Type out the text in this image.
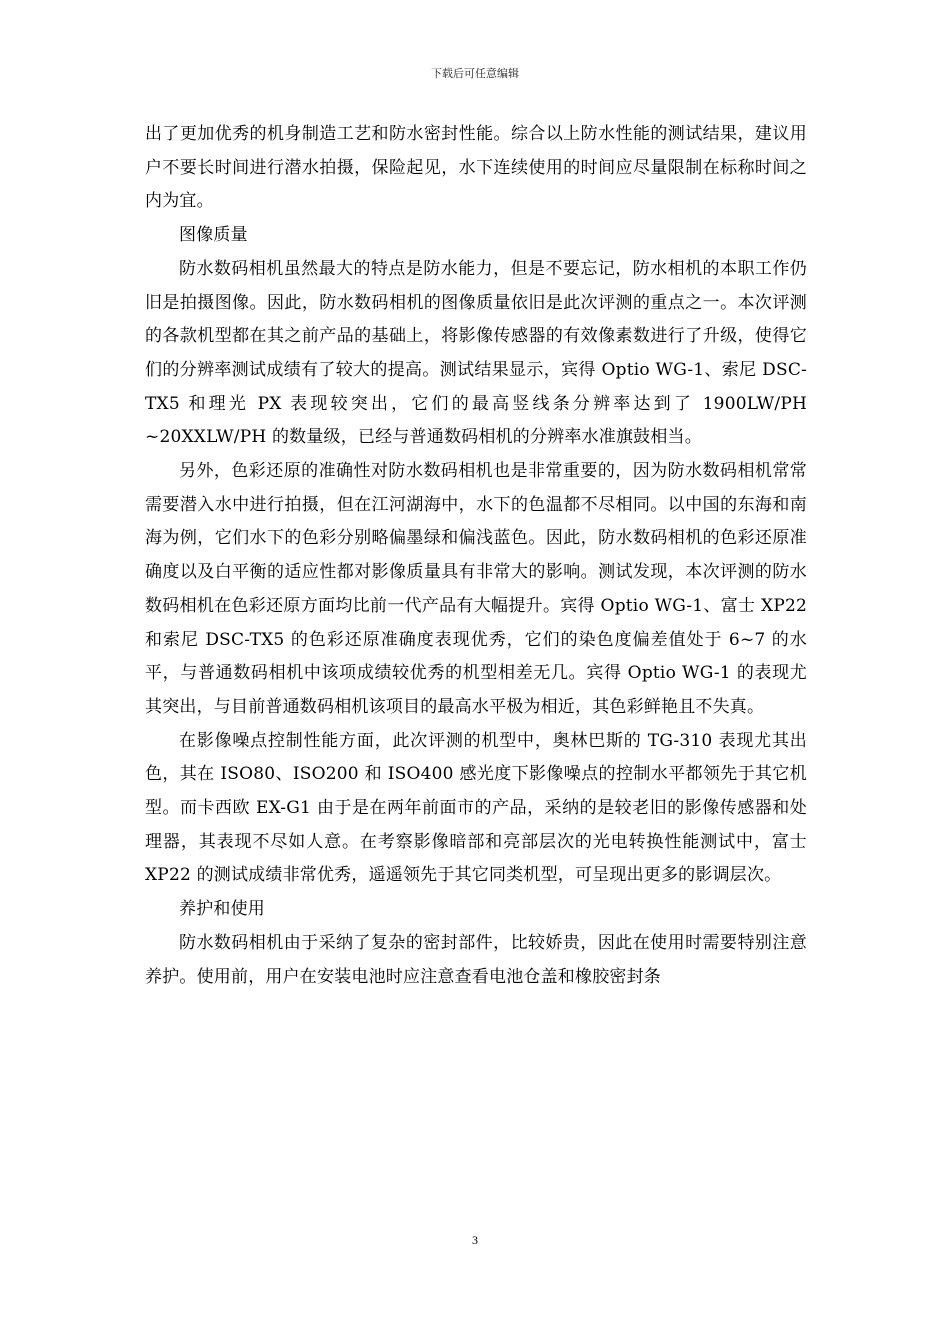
下载后可任意编辑

出了更加优秀的机身制造工艺和防水密封性能。综合以上防水性能的测试结果，建议用户不要长时间进行潜水拍摄，保险起见，水下连续使用的时间应尽量限制在标称时间之内为宜。

图像质量

防水数码相机虽然最大的特点是防水能力，但是不要忘记，防水相机的本职工作仍旧是拍摄图像。因此，防水数码相机的图像质量依旧是此次评测的重点之一。本次评测的各款机型都在其之前产品的基础上，将影像传感器的有效像素数进行了升级，使得它们的分辨率测试成绩有了较大的提高。测试结果显示，宾得 Optio WG-1、索尼 DSC-TX5 和理光 PX 表现较突出，它们的最高竖线条分辨率达到了 1900LW/PH ~20XXLW/PH 的数量级，已经与普通数码相机的分辨率水准旗鼓相当。

另外，色彩还原的准确性对防水数码相机也是非常重要的，因为防水数码相机常常需要潜入水中进行拍摄，但在江河湖海中，水下的色温都不尽相同。以中国的东海和南海为例，它们水下的色彩分别略偏墨绿和偏浅蓝色。因此，防水数码相机的色彩还原准确度以及白平衡的适应性都对影像质量具有非常大的影响。测试发现，本次评测的防水数码相机在色彩还原方面均比前一代产品有大幅提升。宾得 Optio WG-1、富士 XP22 和索尼 DSC-TX5 的色彩还原准确度表现优秀，它们的染色度偏差值处于 6~7 的水平，与普通数码相机中该项成绩较优秀的机型相差无几。宾得 Optio WG-1 的表现尤其突出，与目前普通数码相机该项目的最高水平极为相近，其色彩鲜艳且不失真。

在影像噪点控制性能方面，此次评测的机型中，奥林巴斯的 TG-310 表现尤其出色，其在 ISO80、ISO200 和 ISO400 感光度下影像噪点的控制水平都领先于其它机型。而卡西欧 EX-G1 由于是在两年前面市的产品，采纳的是较老旧的影像传感器和处理器，其表现不尽如人意。在考察影像暗部和亮部层次的光电转换性能测试中，富士 XP22 的测试成绩非常优秀，遥遥领先于其它同类机型，可呈现出更多的影调层次。

养护和使用

防水数码相机由于采纳了复杂的密封部件，比较娇贵，因此在使用时需要特别注意养护。使用前，用户在安装电池时应注意查看电池仓盖和橡胶密封条

3
